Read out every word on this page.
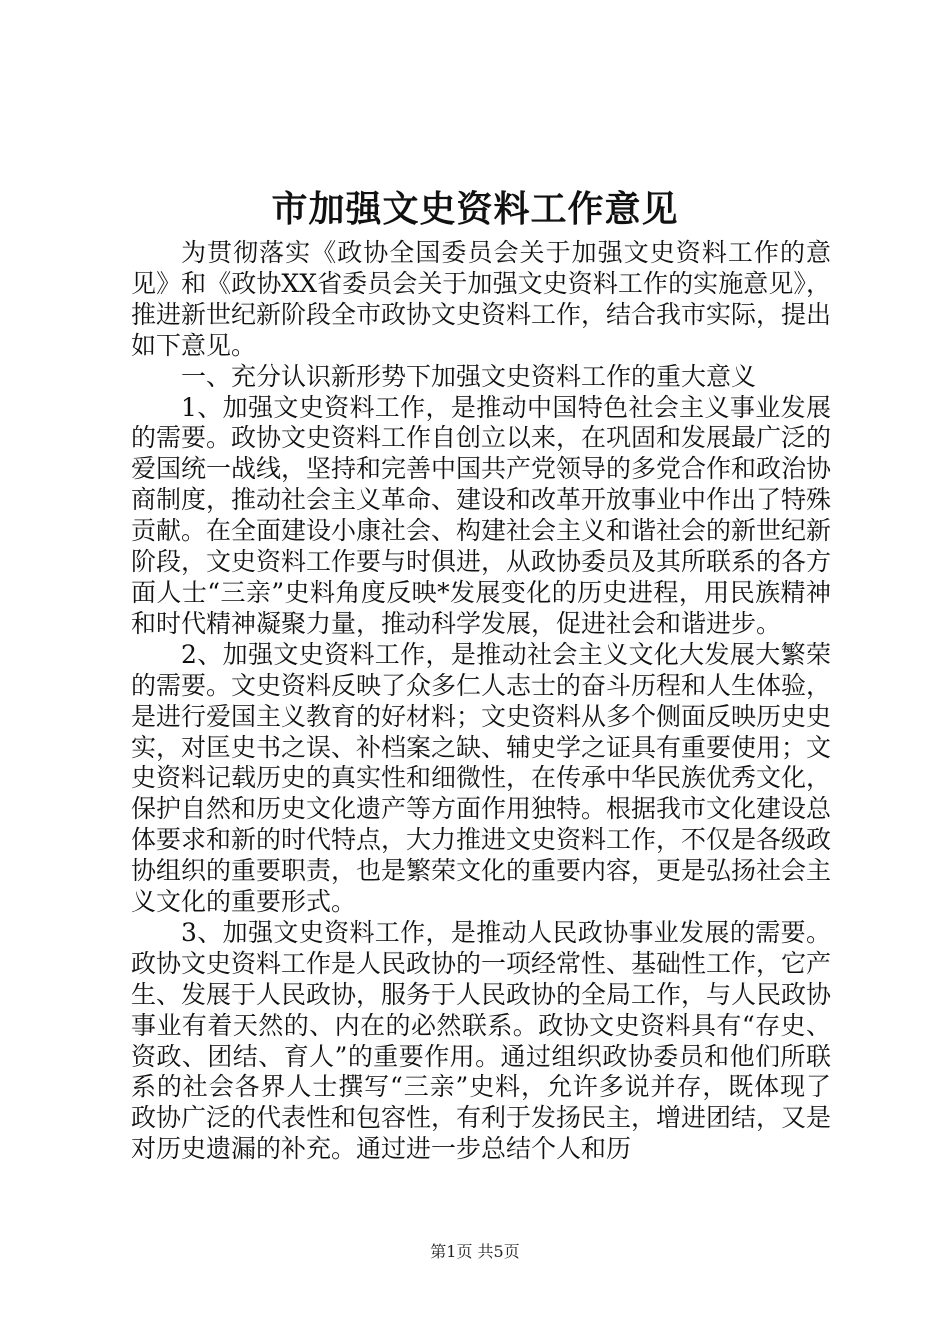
市加强文史资料工作意见

为贯彻落实《政协全国委员会关于加强文史资料工作的意见》和《政协XX省委员会关于加强文史资料工作的实施意见》，推进新世纪新阶段全市政协文史资料工作，结合我市实际，提出如下意见。

一、充分认识新形势下加强文史资料工作的重大意义

1、加强文史资料工作，是推动中国特色社会主义事业发展的需要。政协文史资料工作自创立以来，在巩固和发展最广泛的爱国统一战线，坚持和完善中国共产党领导的多党合作和政治协商制度，推动社会主义革命、建设和改革开放事业中作出了特殊贡献。在全面建设小康社会、构建社会主义和谐社会的新世纪新阶段，文史资料工作要与时俱进，从政协委员及其所联系的各方面人士“三亲”史料角度反映*发展变化的历史进程，用民族精神和时代精神凝聚力量，推动科学发展，促进社会和谐进步。

2、加强文史资料工作，是推动社会主义文化大发展大繁荣的需要。文史资料反映了众多仁人志士的奋斗历程和人生体验，是进行爱国主义教育的好材料；文史资料从多个侧面反映历史史实，对匡史书之误、补档案之缺、辅史学之证具有重要使用；文史资料记载历史的真实性和细微性，在传承中华民族优秀文化，保护自然和历史文化遗产等方面作用独特。根据我市文化建设总体要求和新的时代特点，大力推进文史资料工作，不仅是各级政协组织的重要职责，也是繁荣文化的重要内容，更是弘扬社会主义文化的重要形式。

3、加强文史资料工作，是推动人民政协事业发展的需要。政协文史资料工作是人民政协的一项经常性、基础性工作，它产生、发展于人民政协，服务于人民政协的全局工作，与人民政协事业有着天然的、内在的必然联系。政协文史资料具有“存史、资政、团结、育人”的重要作用。通过组织政协委员和他们所联系的社会各界人士撰写“三亲”史料，允许多说并存，既体现了政协广泛的代表性和包容性，有利于发扬民主，增进团结，又是对历史遗漏的补充。通过进一步总结个人和历

第1页 共5页
